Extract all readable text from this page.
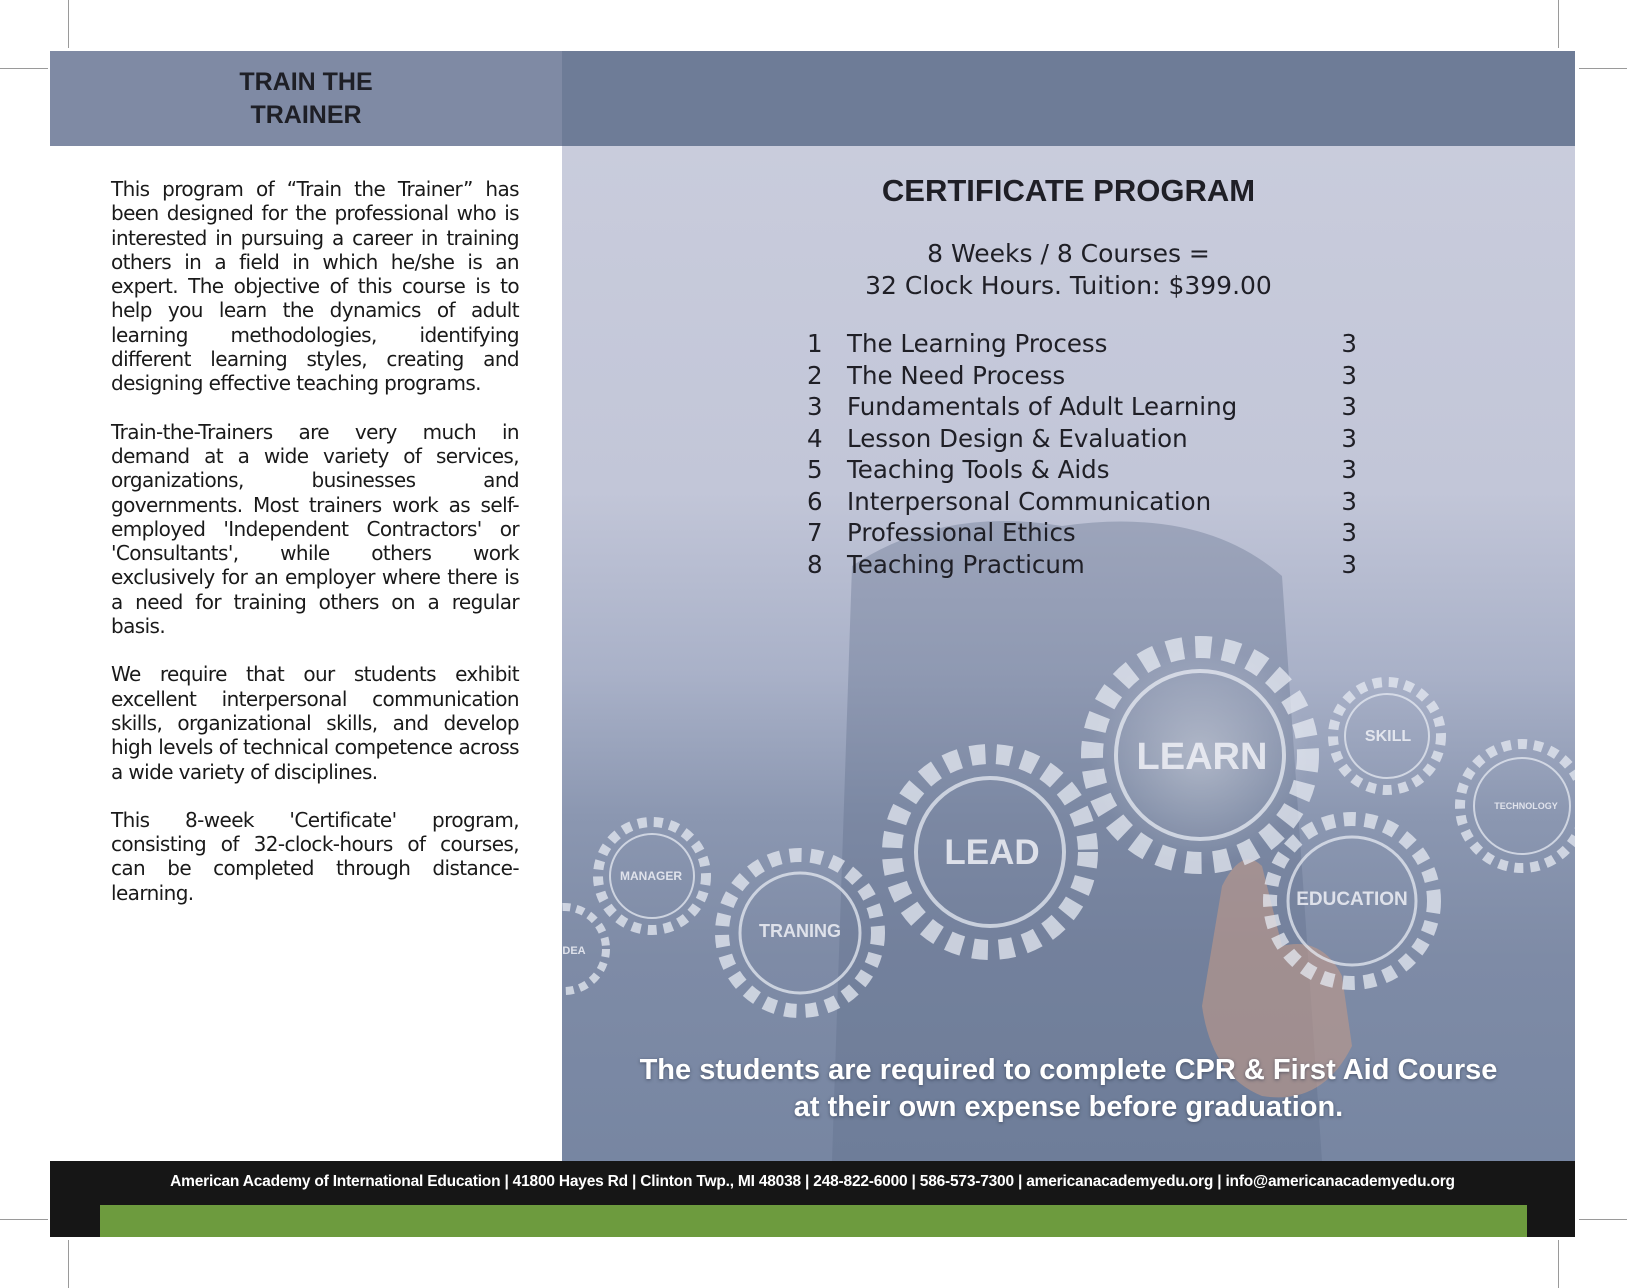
TRAIN THE
TRAINER

This program of “Train the Trainer” has been designed for the professional who is interested in pursuing a career in training others in a field in which he/she is an expert. The objective of this course is to help you learn the dynamics of adult learning methodologies, identifying different learning styles, creating and designing effective teaching programs.

Train-the-Trainers are very much in demand at a wide variety of services, organizations, businesses and governments. Most trainers work as self-employed 'Independent Contractors' or 'Consultants', while others work exclusively for an employer where there is a need for training others on a regular basis.

We require that our students exhibit excellent interpersonal communication skills, organizational skills, and develop high levels of technical competence across a wide variety of disciplines.

This 8-week 'Certificate' program, consisting of 32-clock-hours of courses, can be completed through distance-learning.

LEARN
LEAD
SKILL
TECHNOLOGY
EDUCATION
MANAGER
TRANING
DEA
CERTIFICATE PROGRAM
8 Weeks / 8 Courses =
32 Clock Hours. Tuition: $399.00
1 The Learning Process	3
2 The Need Process	3
3 Fundamentals of Adult Learning	3
4 Lesson Design & Evaluation	3
5 Teaching Tools & Aids	3
6 Interpersonal Communication	3
7 Professional Ethics	3
8 Teaching Practicum	3
The students are required to complete CPR & First Aid Course
at their own expense before graduation.
American Academy of International Education | 41800 Hayes Rd | Clinton Twp., MI 48038 | 248-822-6000 | 586-573-7300 | americanacademyedu.org | info@americanacademyedu.org
